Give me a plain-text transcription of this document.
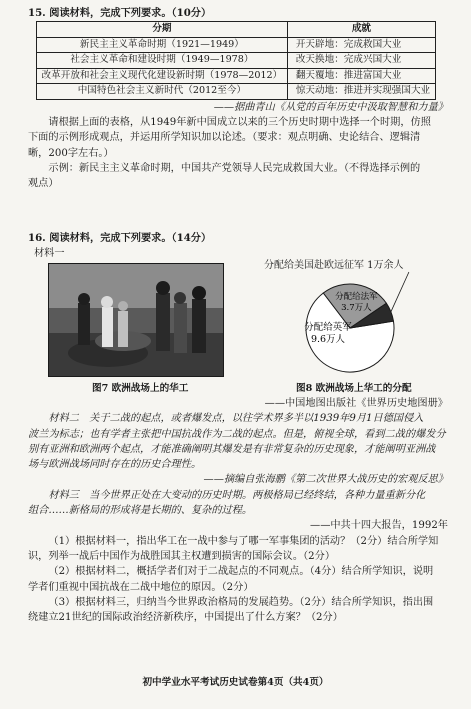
15. 阅读材料，完成下列要求。（10分）
分期	成就
新民主主义革命时期（1921—1949）	开天辟地：完成救国大业
社会主义革命和建设时期（1949—1978）	改天换地：完成兴国大业
改革开放和社会主义现代化建设新时期（1978—2012）	翻天覆地：推进富国大业
中国特色社会主义新时代（2012至今）	惊天动地：推进并实现强国大业
——据曲青山《从党的百年历史中汲取智慧和力量》

请根据上面的表格，从1949年新中国成立以来的三个历史时期中选择一个时期，仿照

下面的示例形成观点，并运用所学知识加以论述。（要求：观点明确、史论结合、逻辑清

晰，200字左右。）

示例：新民主主义革命时期，中国共产党领导人民完成救国大业。（不得选择示例的

观点）

16. 阅读材料，完成下列要求。（14分）
材料一
分配给美国赴欧远征军 1万余人
分配给英军
9.6万人
分配给法军
3.7万人
图7 欧洲战场上的华工	图8 欧洲战场上华工的分配
——中国地图出版社《世界历史地图册》

材料二　关于二战的起点，或者爆发点，以往学术界多半以1939年9月1日德国侵入

波兰为标志；也有学者主张把中国抗战作为二战的起点。但是，俯视全球，看到二战的爆发分

别有亚洲和欧洲两个起点，才能准确阐明其爆发是有非常复杂的历史现象，才能阐明亚洲战

场与欧洲战场同时存在的历史合理性。

——摘编自张海鹏《第二次世界大战历史的宏观反思》

材料三　当今世界正处在大变动的历史时期。两极格局已经终结，各种力量重新分化

组合……新格局的形成将是长期的、复杂的过程。

——中共十四大报告，1992年

（1）根据材料一，指出华工在一战中参与了哪一军事集团的活动？（2分）结合所学知

识，列举一战后中国作为战胜国其主权遭到损害的国际会议。（2分）

（2）根据材料二，概括学者们对于二战起点的不同观点。（4分）结合所学知识，说明

学者们重视中国抗战在二战中地位的原因。（2分）

（3）根据材料三，归纳当今世界政治格局的发展趋势。（2分）结合所学知识，指出围

绕建立21世纪的国际政治经济新秩序，中国提出了什么方案？（2分）

初中学业水平考试历史试卷第4页（共4页）
